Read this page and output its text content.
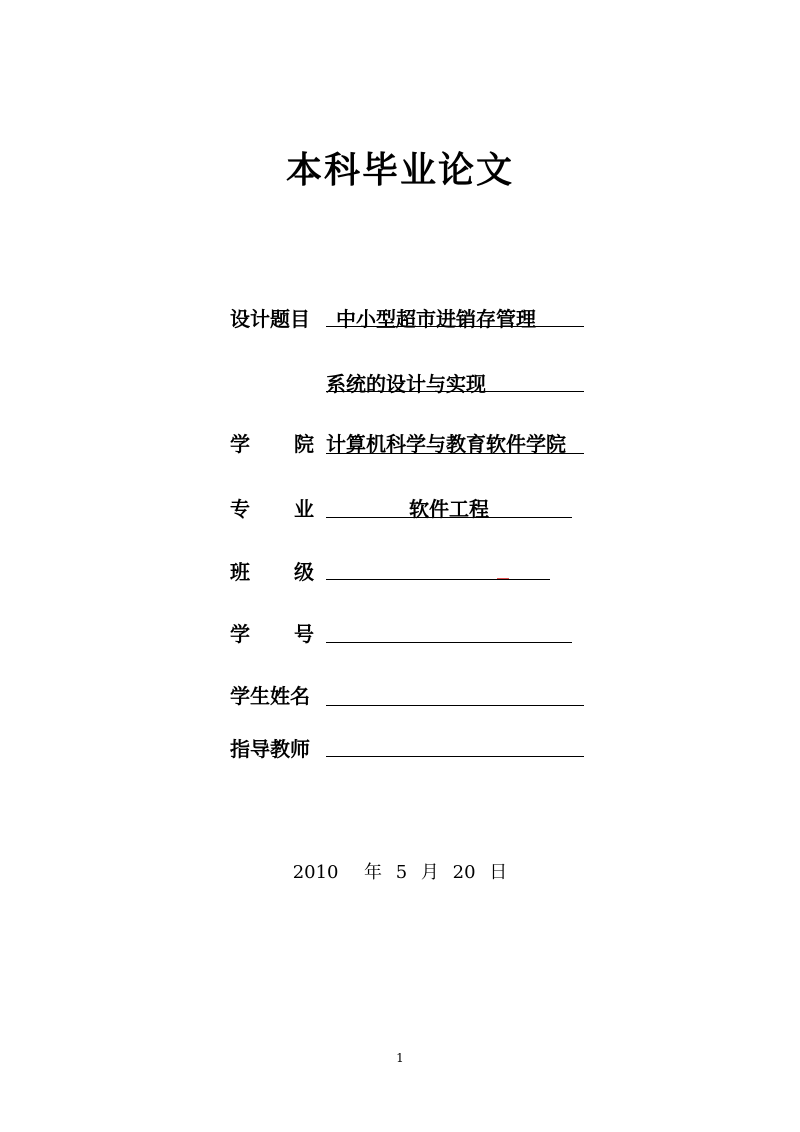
本科毕业论文
设计题目	中小型超市进销存管理
系统的设计与实现
学 院 计算机科学与教育软件学院
专 业	软件工程
班 级
学 号
学生姓名
指导教师
2010 年 5 月 20 日
1
